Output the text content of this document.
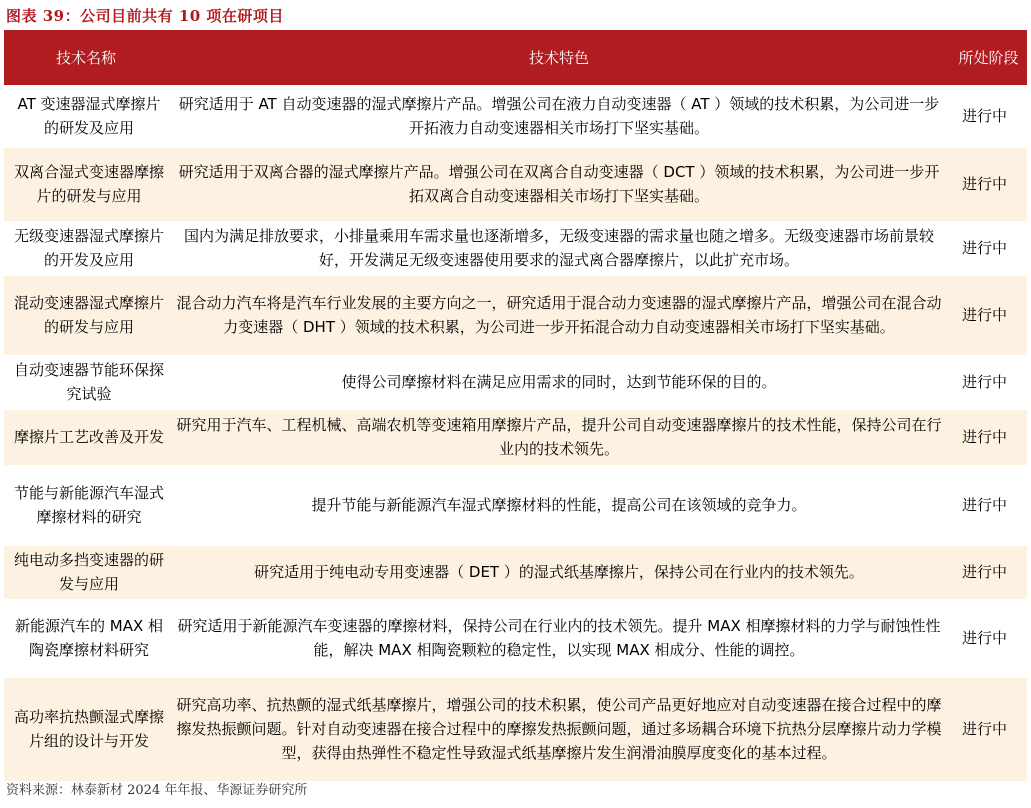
图表 39：公司目前共有 10 项在研项目
技术名称	技术特色	所处阶段
AT 变速器湿式摩擦片的研发及应用	研究适用于 AT 自动变速器的湿式摩擦片产品。增强公司在液力自动变速器（ AT ）领域的技术积累，为公司进一步开拓液力自动变速器相关市场打下坚实基础。	进行中
双离合湿式变速器摩擦片的研发与应用	研究适用于双离合器的湿式摩擦片产品。增强公司在双离合自动变速器（ DCT ）领域的技术积累，为公司进一步开拓双离合自动变速器相关市场打下坚实基础。	进行中
无级变速器湿式摩擦片的开发及应用	国内为满足排放要求，小排量乘用车需求量也逐渐增多，无级变速器的需求量也随之增多。无级变速器市场前景较好，开发满足无级变速器使用要求的湿式离合器摩擦片，以此扩充市场。	进行中
混动变速器湿式摩擦片的研发与应用	混合动力汽车将是汽车行业发展的主要方向之一，研究适用于混合动力变速器的湿式摩擦片产品，增强公司在混合动力变速器（ DHT ）领域的技术积累，为公司进一步开拓混合动力自动变速器相关市场打下坚实基础。	进行中
自动变速器节能环保探究试验	使得公司摩擦材料在满足应用需求的同时，达到节能环保的目的。	进行中
摩擦片工艺改善及开发	研究用于汽车、工程机械、高端农机等变速箱用摩擦片产品，提升公司自动变速器摩擦片的技术性能，保持公司在行业内的技术领先。	进行中
节能与新能源汽车湿式摩擦材料的研究	提升节能与新能源汽车湿式摩擦材料的性能，提高公司在该领域的竞争力。	进行中
纯电动多挡变速器的研发与应用	研究适用于纯电动专用变速器（ DET ）的湿式纸基摩擦片，保持公司在行业内的技术领先。	进行中
新能源汽车的 MAX 相陶瓷摩擦材料研究	研究适用于新能源汽车变速器的摩擦材料，保持公司在行业内的技术领先。提升 MAX 相摩擦材料的力学与耐蚀性性能，解决 MAX 相陶瓷颗粒的稳定性，以实现 MAX 相成分、性能的调控。	进行中
高功率抗热颤湿式摩擦片组的设计与开发	研究高功率、抗热颤的湿式纸基摩擦片，增强公司的技术积累，使公司产品更好地应对自动变速器在接合过程中的摩擦发热振颤问题。针对自动变速器在接合过程中的摩擦发热振颤问题，通过多场耦合环境下抗热分层摩擦片动力学模型，获得由热弹性不稳定性导致湿式纸基摩擦片发生润滑油膜厚度变化的基本过程。	进行中
资料来源：林泰新材 2024 年年报、华源证券研究所
